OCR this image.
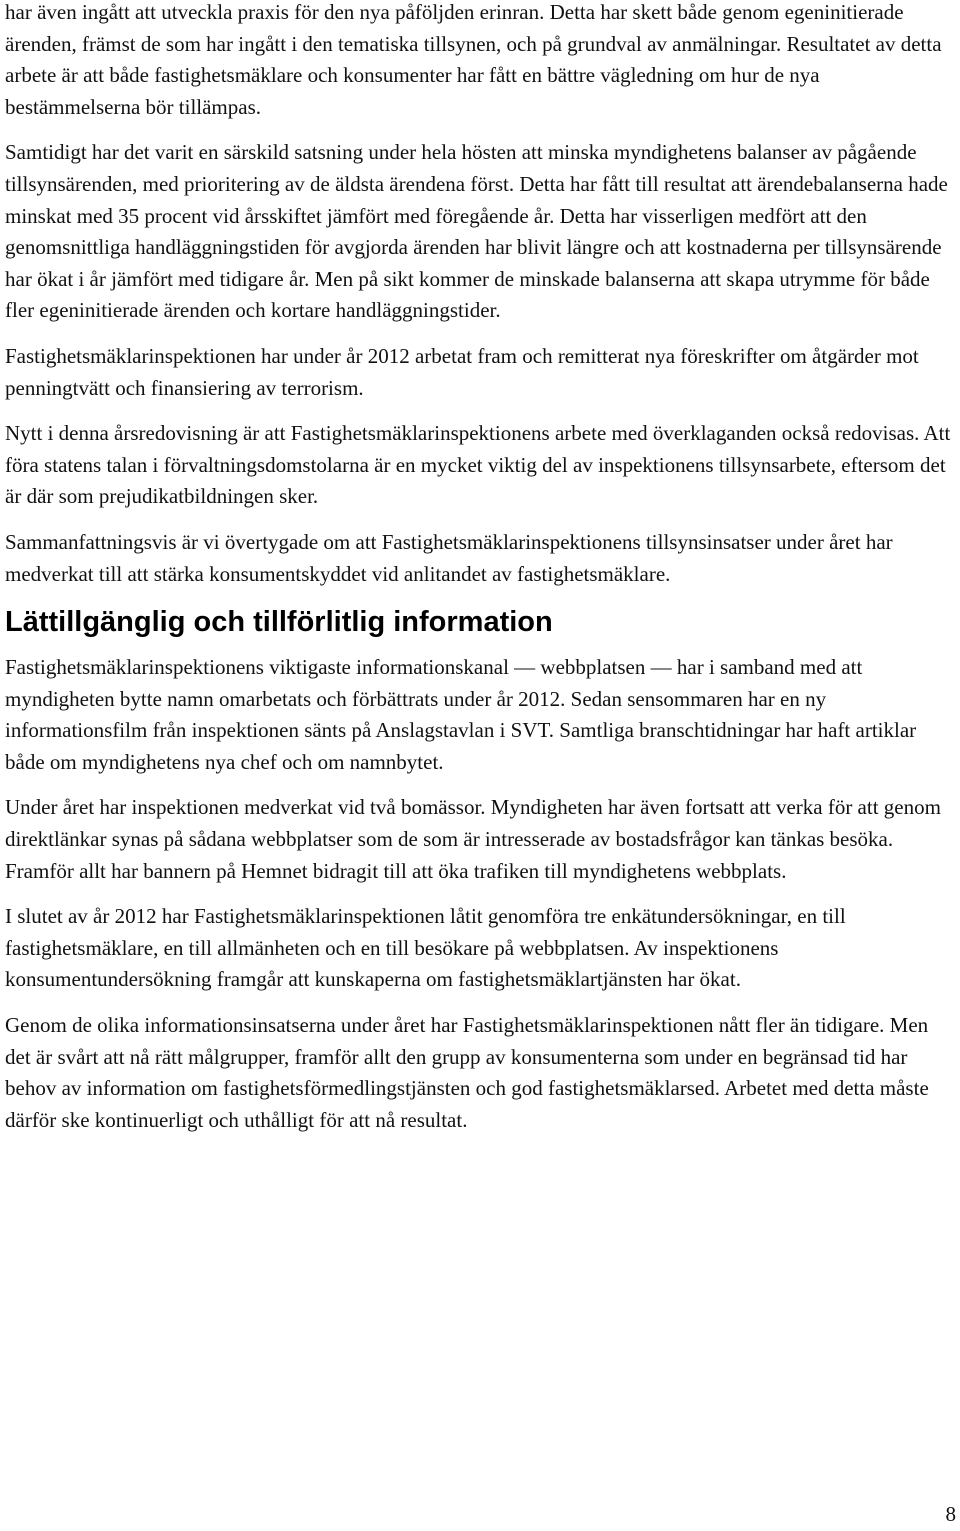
har även ingått att utveckla praxis för den nya påföljden erinran. Detta har skett både genom egeninitierade ärenden, främst de som har ingått i den tematiska tillsynen, och på grundval av anmälningar. Resultatet av detta arbete är att både fastighetsmäklare och konsumenter har fått en bättre vägledning om hur de nya bestämmelserna bör tillämpas.

Samtidigt har det varit en särskild satsning under hela hösten att minska myndighetens balanser av pågående tillsynsärenden, med prioritering av de äldsta ärendena först. Detta har fått till resultat att ärendebalanserna hade minskat med 35 procent vid årsskiftet jämfört med föregående år. Detta har visserligen medfört att den genomsnittliga handläggningstiden för avgjorda ärenden har blivit längre och att kostnaderna per tillsynsärende har ökat i år jämfört med tidigare år. Men på sikt kommer de minskade balanserna att skapa utrymme för både fler egeninitierade ärenden och kortare handläggningstider.

Fastighetsmäklarinspektionen har under år 2012 arbetat fram och remitterat nya föreskrifter om åtgärder mot penningtvätt och finansiering av terrorism.

Nytt i denna årsredovisning är att Fastighetsmäklarinspektionens arbete med överklaganden också redovisas. Att föra statens talan i förvaltningsdomstolarna är en mycket viktig del av inspektionens tillsynsarbete, eftersom det är där som prejudikatbildningen sker.

Sammanfattningsvis är vi övertygade om att Fastighetsmäklarinspektionens tillsynsinsatser under året har medverkat till att stärka konsumentskyddet vid anlitandet av fastighetsmäklare.

Lättillgänglig och tillförlitlig information

Fastighetsmäklarinspektionens viktigaste informationskanal — webbplatsen — har i samband med att myndigheten bytte namn omarbetats och förbättrats under år 2012. Sedan sensommaren har en ny informationsfilm från inspektionen sänts på Anslagstavlan i SVT. Samtliga branschtidningar har haft artiklar både om myndighetens nya chef och om namnbytet.

Under året har inspektionen medverkat vid två bomässor. Myndigheten har även fortsatt att verka för att genom direktlänkar synas på sådana webbplatser som de som är intresserade av bostadsfrågor kan tänkas besöka. Framför allt har bannern på Hemnet bidragit till att öka trafiken till myndighetens webbplats.

I slutet av år 2012 har Fastighetsmäklarinspektionen låtit genomföra tre enkätundersökningar, en till fastighetsmäklare, en till allmänheten och en till besökare på webbplatsen. Av inspektionens konsumentundersökning framgår att kunskaperna om fastighetsmäklartjänsten har ökat.

Genom de olika informationsinsatserna under året har Fastighetsmäklarinspektionen nått fler än tidigare. Men det är svårt att nå rätt målgrupper, framför allt den grupp av konsumenterna som under en begränsad tid har behov av information om fastighetsförmedlingstjänsten och god fastighetsmäklarsed. Arbetet med detta måste därför ske kontinuerligt och uthålligt för att nå resultat.

8
